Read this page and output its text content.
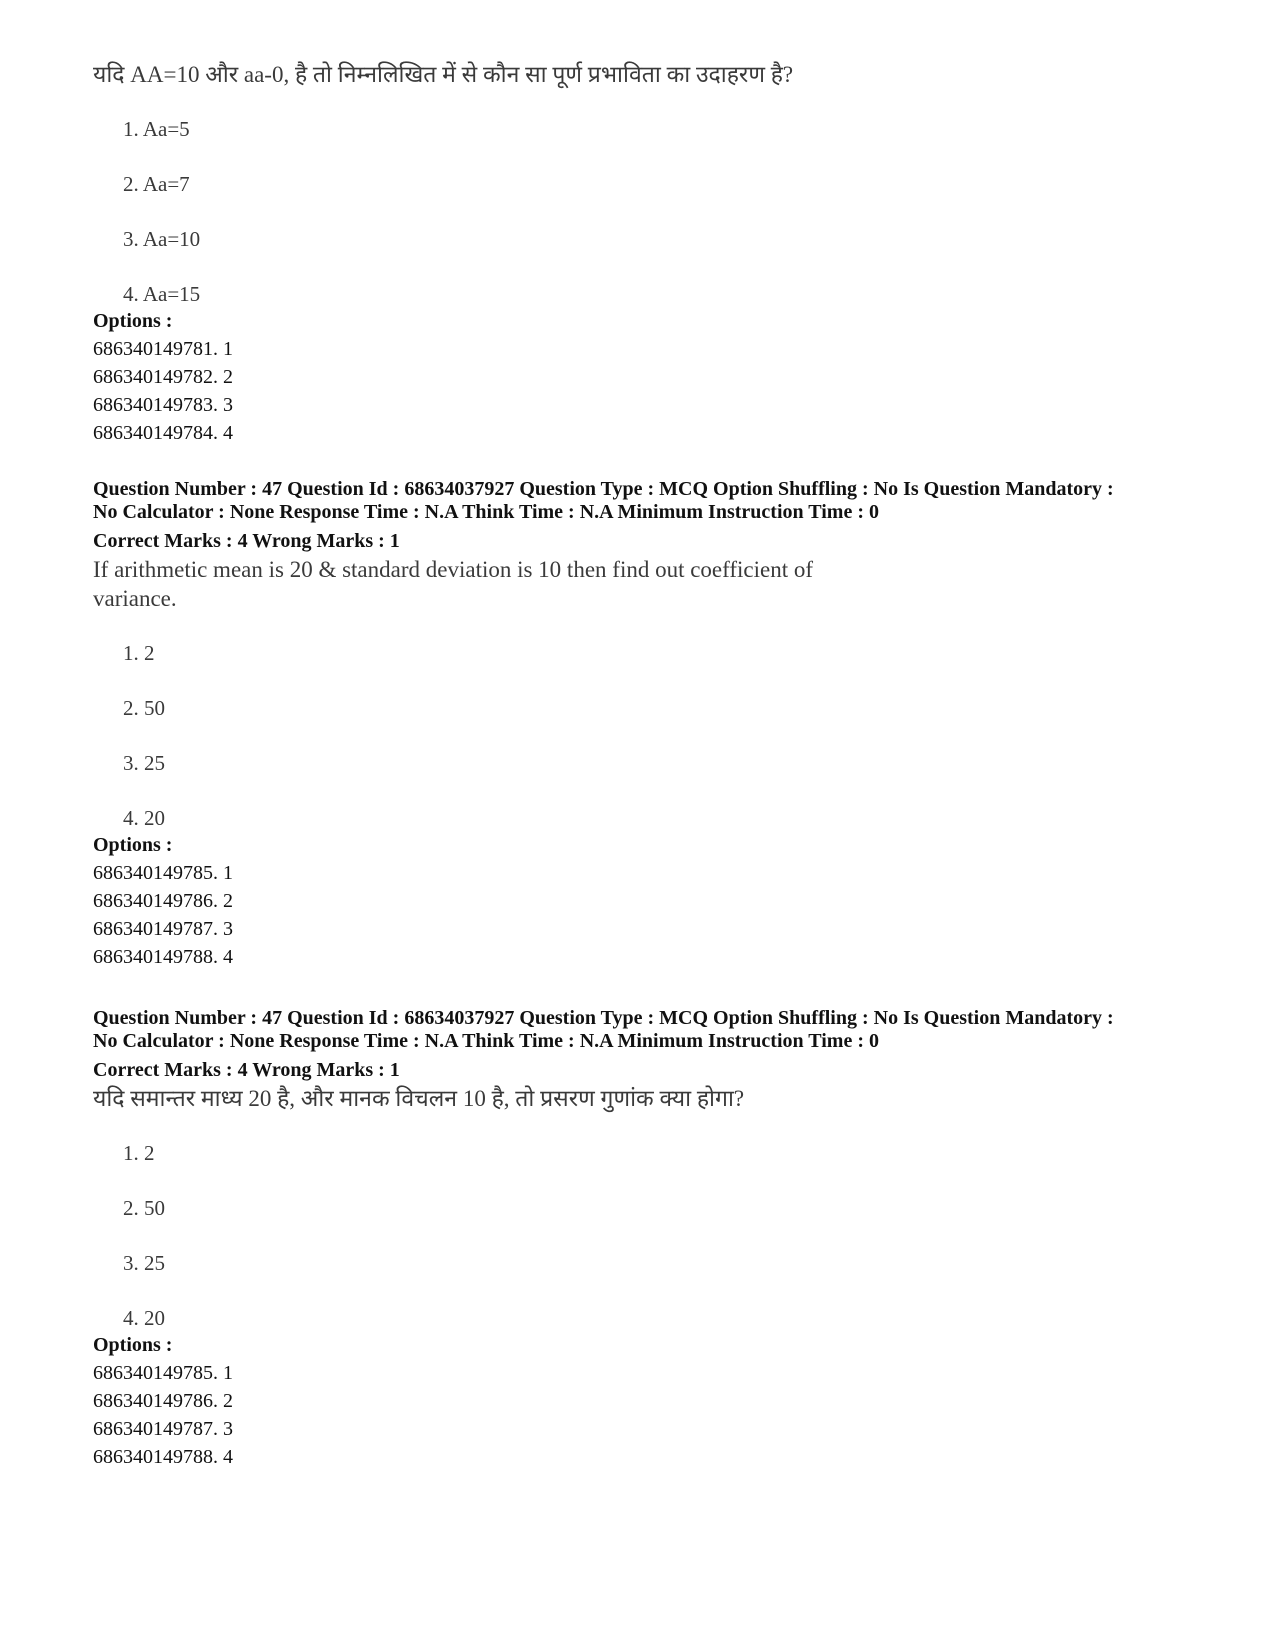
यदि AA=10 और aa-0, है तो निम्नलिखित में से कौन सा पूर्ण प्रभाविता का उदाहरण है?

1. Aa=5
2. Aa=7
3. Aa=10
4. Aa=15

Options :

686340149781. 1

686340149782. 2

686340149783. 3

686340149784. 4

Question Number : 47 Question Id : 68634037927 Question Type : MCQ Option Shuffling : No Is Question Mandatory :

No Calculator : None Response Time : N.A Think Time : N.A Minimum Instruction Time : 0

Correct Marks : 4 Wrong Marks : 1

If arithmetic mean is 20 & standard deviation is 10 then find out coefficient of

variance.

1. 2
2. 50
3. 25
4. 20

Options :

686340149785. 1

686340149786. 2

686340149787. 3

686340149788. 4

Question Number : 47 Question Id : 68634037927 Question Type : MCQ Option Shuffling : No Is Question Mandatory :

No Calculator : None Response Time : N.A Think Time : N.A Minimum Instruction Time : 0

Correct Marks : 4 Wrong Marks : 1

यदि समान्तर माध्य 20 है, और मानक विचलन 10 है, तो प्रसरण गुणांक क्या होगा?

1. 2
2. 50
3. 25
4. 20

Options :

686340149785. 1

686340149786. 2

686340149787. 3

686340149788. 4
